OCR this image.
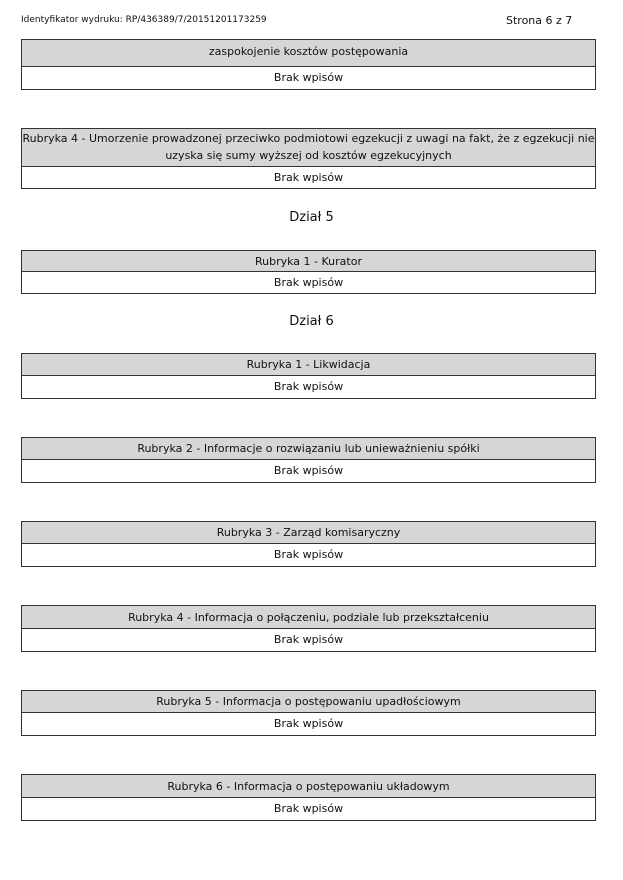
Identyfikator wydruku: RP/436389/7/20151201173259	Strona 6 z 7
zaspokojenie kosztów postępowania
Brak wpisów
Rubryka 4 - Umorzenie prowadzonej przeciwko podmiotowi egzekucji z uwagi na fakt, że z egzekucji nie uzyska się sumy wyższej od kosztów egzekucyjnych
Brak wpisów
Dział 5
Rubryka 1 - Kurator
Brak wpisów
Dział 6
Rubryka 1 - Likwidacja
Brak wpisów
Rubryka 2 - Informacje o rozwiązaniu lub unieważnieniu spółki
Brak wpisów
Rubryka 3 - Zarząd komisaryczny
Brak wpisów
Rubryka 4 - Informacja o połączeniu, podziale lub przekształceniu
Brak wpisów
Rubryka 5 - Informacja o postępowaniu upadłościowym
Brak wpisów
Rubryka 6 - Informacja o postępowaniu układowym
Brak wpisów
